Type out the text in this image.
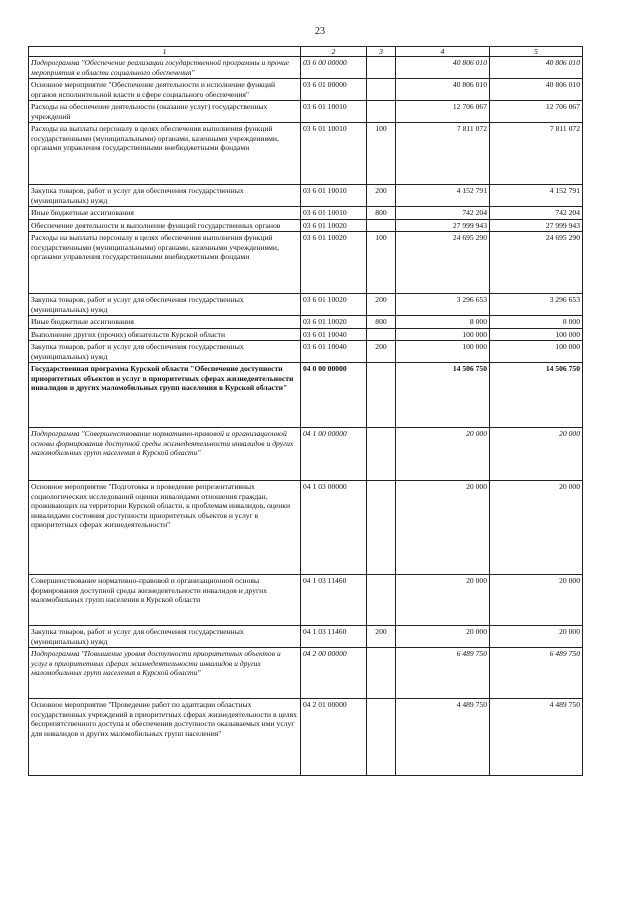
23
1	2	3	4	5
Подпрограмма "Обеспечение реализации государственной программы и прочие мероприятия в области социального обеспечения"	03 6 00 00000		40 806 010	40 806 010
Основное мероприятие "Обеспечение деятельности и исполнение функций органов исполнительной власти в сфере социального обеспечения"	03 6 01 00000		40 806 010	40 806 010
Расходы на обеспечение деятельности (оказание услуг) государственных учреждений	03 6 01 10010		12 706 067	12 706 067
Расходы на выплаты персоналу в целях обеспечения выполнения функций государственными (муниципальными) органами, казенными учреждениями, органами управления государственными внебюджетными фондами	03 6 01 10010	100	7 811 072	7 811 072
Закупка товаров, работ и услуг для обеспечения государственных (муниципальных) нужд	03 6 01 10010	200	4 152 791	4 152 791
Иные бюджетные ассигнования	03 6 01 10010	800	742 204	742 204
Обеспечение деятельности и выполнение функций государственных органов	03 6 01 10020		27 999 943	27 999 943
Расходы на выплаты персоналу в целях обеспечения выполнения функций государственными (муниципальными) органами, казенными учреждениями, органами управления государственными внебюджетными фондами	03 6 01 10020	100	24 695 290	24 695 290
Закупка товаров, работ и услуг для обеспечения государственных (муниципальных) нужд	03 6 01 10020	200	3 296 653	3 296 653
Иные бюджетные ассигнования	03 6 01 10020	800	8 000	8 000
Выполнение других (прочих) обязательств Курской области	03 6 01 10040		100 000	100 000
Закупка товаров, работ и услуг для обеспечения государственных (муниципальных) нужд	03 6 01 10040	200	100 000	100 000
Государственная программа Курской области "Обеспечение доступности приоритетных объектов и услуг в приоритетных сферах жизнедеятельности инвалидов и других маломобильных групп населения в Курской области"	04 0 00 00000		14 506 750	14 506 750
Подпрограмма "Совершенствование нормативно-правовой и организационной основы формирования доступной среды жизнедеятельности инвалидов и других маломобильных групп населения в Курской области"	04 1 00 00000		20 000	20 000
Основное мероприятие "Подготовка и проведение репрезентативных социологических исследований оценки инвалидами отношения граждан, проживающих на территории Курской области, к проблемам инвалидов, оценки инвалидами состояния доступности приоритетных объектов и услуг в приоритетных сферах жизнедеятельности"	04 1 03 00000		20 000	20 000
Совершенствование нормативно-правовой и организационной основы формирования доступной среды жизнедеятельности инвалидов и других маломобильных групп населения в Курской области	04 1 03 11460		20 000	20 000
Закупка товаров, работ и услуг для обеспечения государственных (муниципальных) нужд	04 1 03 11460	200	20 000	20 000
Подпрограмма "Повышение уровня доступности приоритетных объектов и услуг в приоритетных сферах жизнедеятельности инвалидов и других маломобильных групп населения в Курской области"	04 2 00 00000		6 489 750	6 489 750
Основное мероприятие "Проведение работ по адаптации областных государственных учреждений в приоритетных сферах жизнедеятельности в целях беспрепятственного доступа и обеспечения доступности оказываемых ими услуг для инвалидов и других маломобильных групп населения"	04 2 01 00000		4 489 750	4 489 750
